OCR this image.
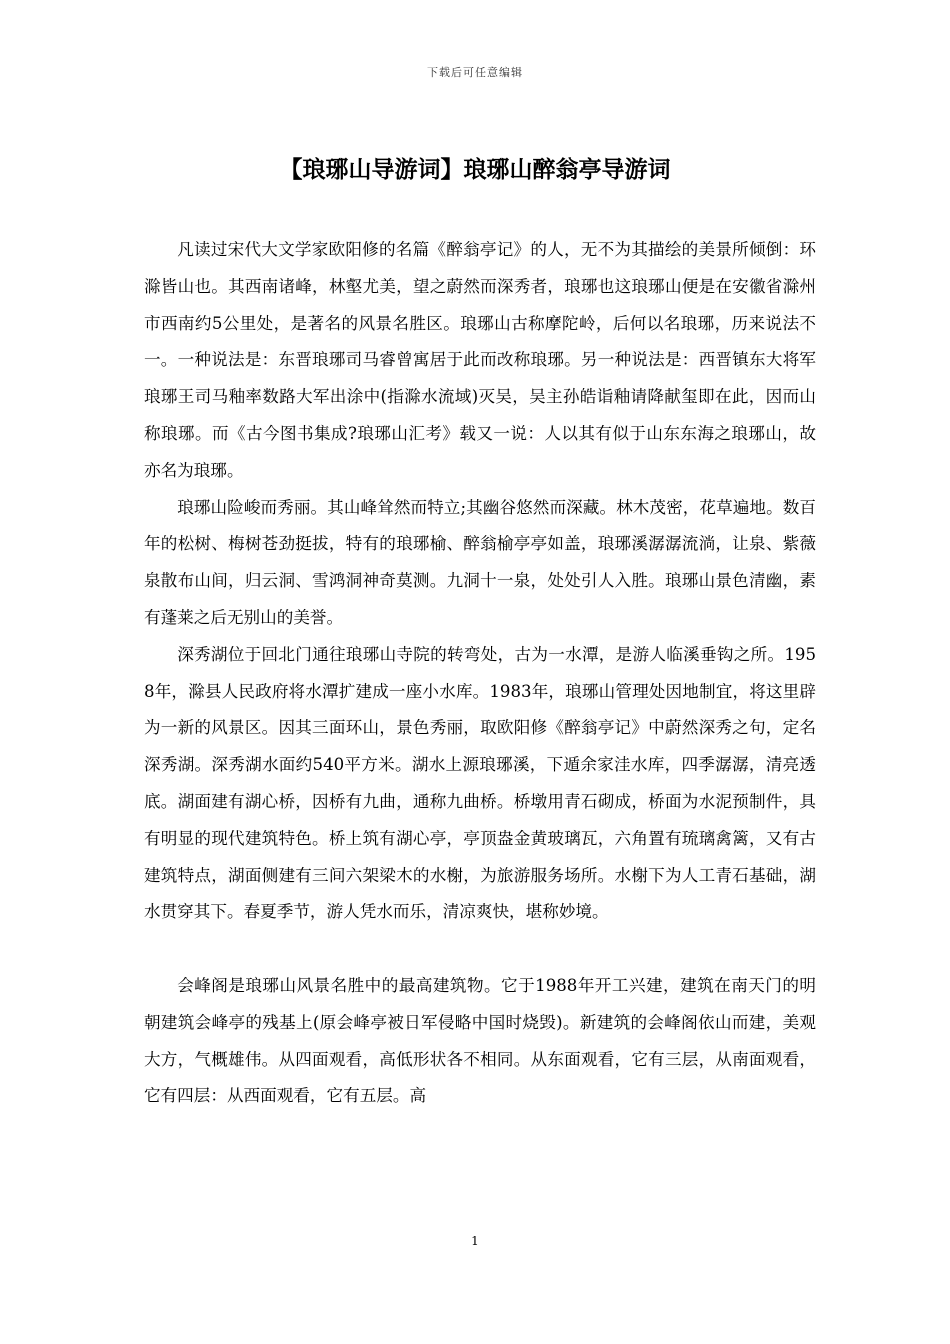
下载后可任意编辑
【琅琊山导游词】琅琊山醉翁亭导游词

凡读过宋代大文学家欧阳修的名篇《醉翁亭记》的人，无不为其描绘的美景所倾倒：环滁皆山也。其西南诸峰，林壑尤美，望之蔚然而深秀者，琅琊也这琅琊山便是在安徽省滁州市西南约5公里处，是著名的风景名胜区。琅琊山古称摩陀岭，后何以名琅琊，历来说法不一。一种说法是：东晋琅琊司马睿曾寓居于此而改称琅琊。另一种说法是：西晋镇东大将军琅琊王司马釉率数路大军出涂中(指滁水流域)灭吴，吴主孙皓诣釉请降献玺即在此，因而山称琅琊。而《古今图书集成?琅琊山汇考》载又一说：人以其有似于山东东海之琅琊山，故亦名为琅琊。

琅琊山险峻而秀丽。其山峰耸然而特立;其幽谷悠然而深藏。林木茂密，花草遍地。数百年的松树、梅树苍劲挺拔，特有的琅琊榆、醉翁榆亭亭如盖，琅琊溪潺潺流淌，让泉、紫薇泉散布山间，归云洞、雪鸿洞神奇莫测。九洞十一泉，处处引人入胜。琅琊山景色清幽，素有蓬莱之后无别山的美誉。

深秀湖位于回北门通往琅琊山寺院的转弯处，古为一水潭，是游人临溪垂钩之所。1958年，滁县人民政府将水潭扩建成一座小水库。1983年，琅琊山管理处因地制宜，将这里辟为一新的风景区。因其三面环山，景色秀丽，取欧阳修《醉翁亭记》中蔚然深秀之句，定名深秀湖。深秀湖水面约540平方米。湖水上源琅琊溪，下遁余家洼水库，四季潺潺，清亮透底。湖面建有湖心桥，因桥有九曲，通称九曲桥。桥墩用青石砌成，桥面为水泥预制件，具有明显的现代建筑特色。桥上筑有湖心亭，亭顶盎金黄玻璃瓦，六角置有琉璃禽篱，又有古建筑特点，湖面侧建有三间六架梁木的水榭，为旅游服务场所。水榭下为人工青石基础，湖水贯穿其下。春夏季节，游人凭水而乐，清凉爽快，堪称妙境。

会峰阁是琅琊山风景名胜中的最高建筑物。它于1988年开工兴建，建筑在南天门的明朝建筑会峰亭的残基上(原会峰亭被日军侵略中国时烧毁)。新建筑的会峰阁依山而建，美观大方，气概雄伟。从四面观看，高低形状各不相同。从东面观看，它有三层，从南面观看，它有四层：从西面观看，它有五层。高

1
